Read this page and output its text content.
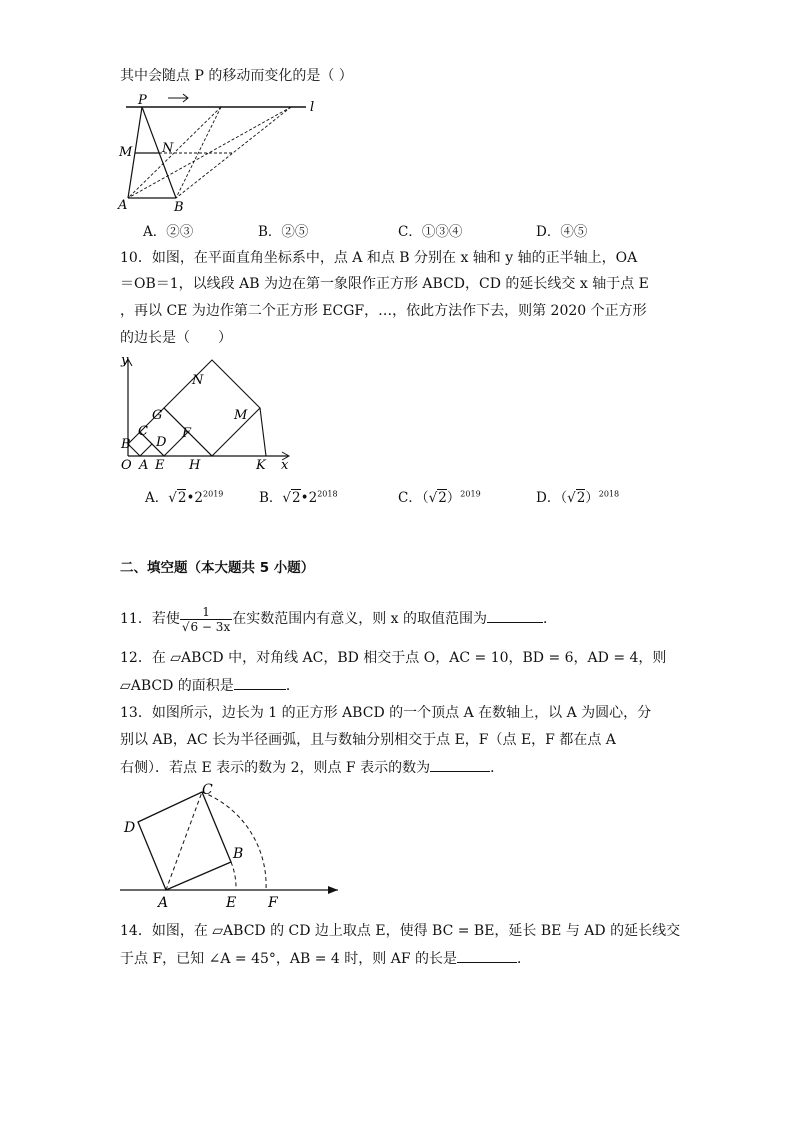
其中会随点 P 的移动而变化的是（ ）
P	l
M N
A	B
A．②③	B．②⑤	C．①③④	D．④⑤
10．如图，在平面直角坐标系中，点 A 和点 B 分别在 x 轴和 y 轴的正半轴上，OA
＝OB＝1，以线段 AB 为边在第一象限作正方形 ABCD，CD 的延长线交 x 轴于点 E
，再以 CE 为边作第二个正方形 ECGF，…，依此方法作下去，则第 2020 个正方形
的边长是（　　）
y
N
G	M
C
D
F
B
O A E H	K x
A．$√2•2^{2019}$	B．$√2•2^{2018}$	C．$(√2)^{2019}$	D．$(√2)^{2018}$
二、填空题（本大题共 5 小题）
11．若使 $\frac{1}{√6 - 3x}$ 在实数范围内有意义，则 x 的取值范围为	．
12．在 ▱ABCD 中，对角线 AC，BD 相交于点 O，AC = 10，BD = 6，AD = 4，则
▱ABCD 的面积是	．
13．如图所示，边长为 1 的正方形 ABCD 的一个顶点 A 在数轴上，以 A 为圆心，分
别以 AB，AC 长为半径画弧，且与数轴分别相交于点 E，F（点 E，F 都在点 A
右侧）．若点 E 表示的数为 2，则点 F 表示的数为	．
C
D
B
A	E F
14．如图，在 ▱ABCD 的 CD 边上取点 E，使得 BC = BE，延长 BE 与 AD 的延长线交
于点 F，已知 ∠A = 45°，AB = 4 时，则 AF 的长是	．
